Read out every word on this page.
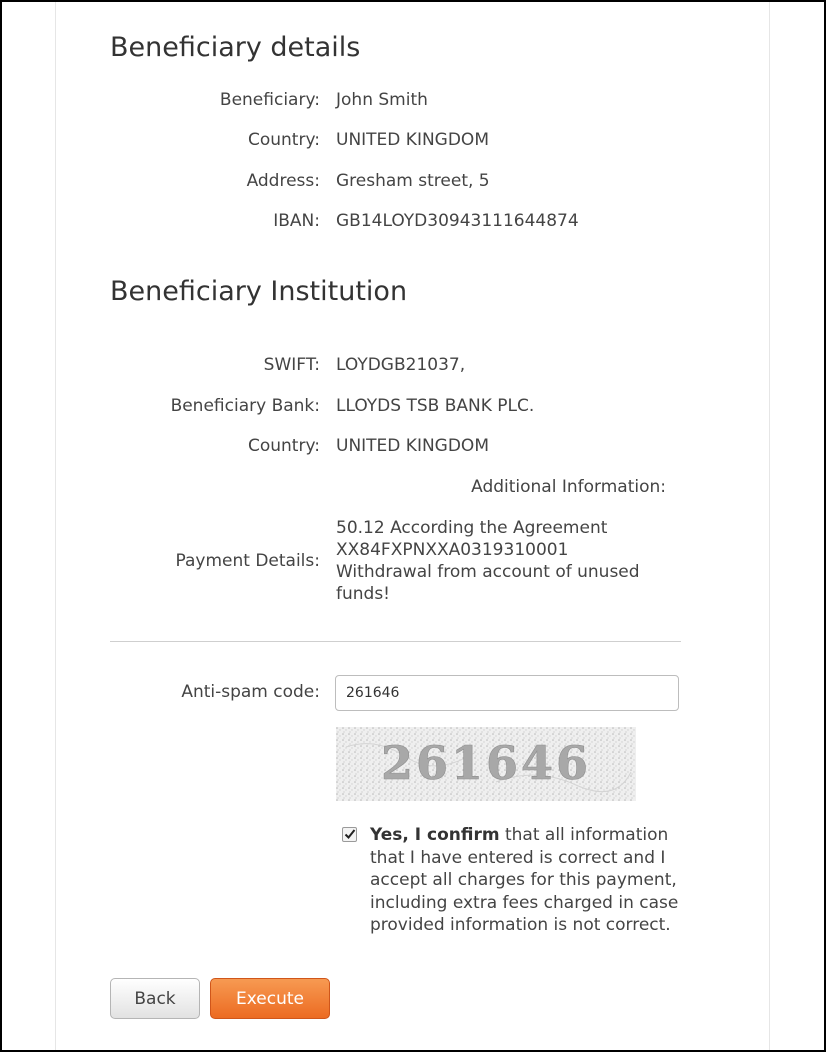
Beneficiary details
Beneficiary: John Smith
Country: UNITED KINGDOM
Address: Gresham street, 5
IBAN: GB14LOYD30943111644874
Beneficiary Institution
SWIFT: LOYDGB21037,
Beneficiary Bank: LLOYDS TSB BANK PLC.
Country: UNITED KINGDOM
Additional Information:
Payment Details:
50.12 According the Agreement
XX84FXPNXXA0319310001
Withdrawal from account of unused
funds!
Anti-spam code:
261646
261646
Yes, I confirm that all information that I have entered is correct and I accept all charges for this payment, including extra fees charged in case provided information is not correct.
Back	Execute
